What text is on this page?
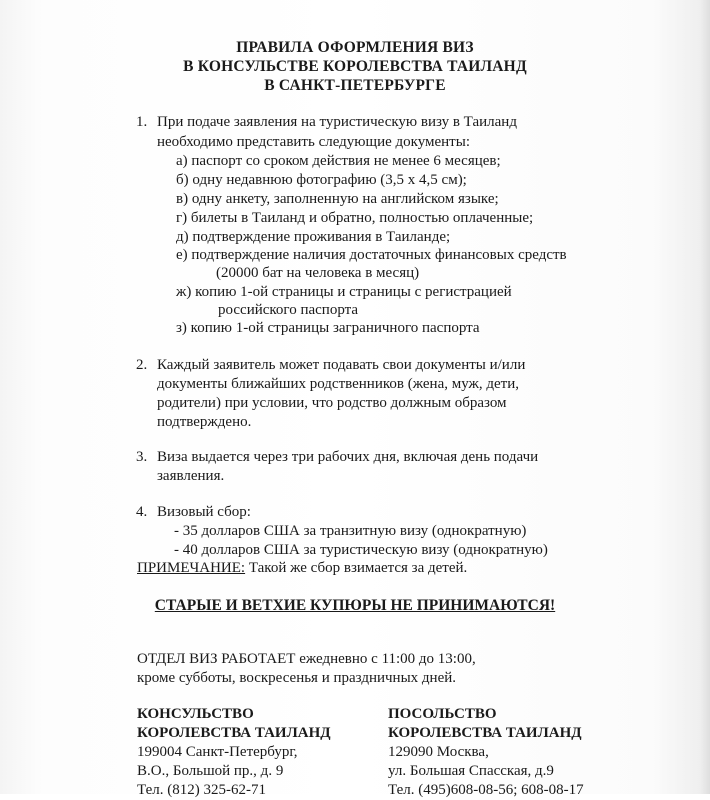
ПРАВИЛА ОФОРМЛЕНИЯ ВИЗ
В КОНСУЛЬСТВЕ КОРОЛЕВСТВА ТАИЛАНД
В САНКТ-ПЕТЕРБУРГЕ
1. При подаче заявления на туристическую визу в Таиланд
необходимо представить следующие документы:
а) паспорт со сроком действия не менее 6 месяцев;
б) одну недавнюю фотографию (3,5 х 4,5 см);
в) одну анкету, заполненную на английском языке;
г) билеты в Таиланд и обратно, полностью оплаченные;
д) подтверждение проживания в Таиланде;
е) подтверждение наличия достаточных финансовых средств
(20000 бат на человека в месяц)
ж) копию 1-ой страницы и страницы с регистрацией
российского паспорта
з) копию 1-ой страницы заграничного паспорта
2. Каждый заявитель может подавать свои документы и/или
документы ближайших родственников (жена, муж, дети,
родители) при условии, что родство должным образом
подтверждено.
3. Виза выдается через три рабочих дня, включая день подачи
заявления.
4. Визовый сбор:
- 35 долларов США за транзитную визу (однократную)
- 40 долларов США за туристическую визу (однократную)
ПРИМЕЧАНИЕ: Такой же сбор взимается за детей.
СТАРЫЕ И ВЕТХИЕ КУПЮРЫ НЕ ПРИНИМАЮТСЯ!
ОТДЕЛ ВИЗ РАБОТАЕТ ежедневно с 11:00 до 13:00,
кроме субботы, воскресенья и праздничных дней.
КОНСУЛЬСТВО
КОРОЛЕВСТВА ТАИЛАНД
199004 Санкт-Петербург,
В.О., Большой пр., д. 9
Тел. (812) 325-62-71
ПОСОЛЬСТВО
КОРОЛЕВСТВА ТАИЛАНД
129090 Москва,
ул. Большая Спасская, д.9
Тел. (495)608-08-56; 608-08-17
